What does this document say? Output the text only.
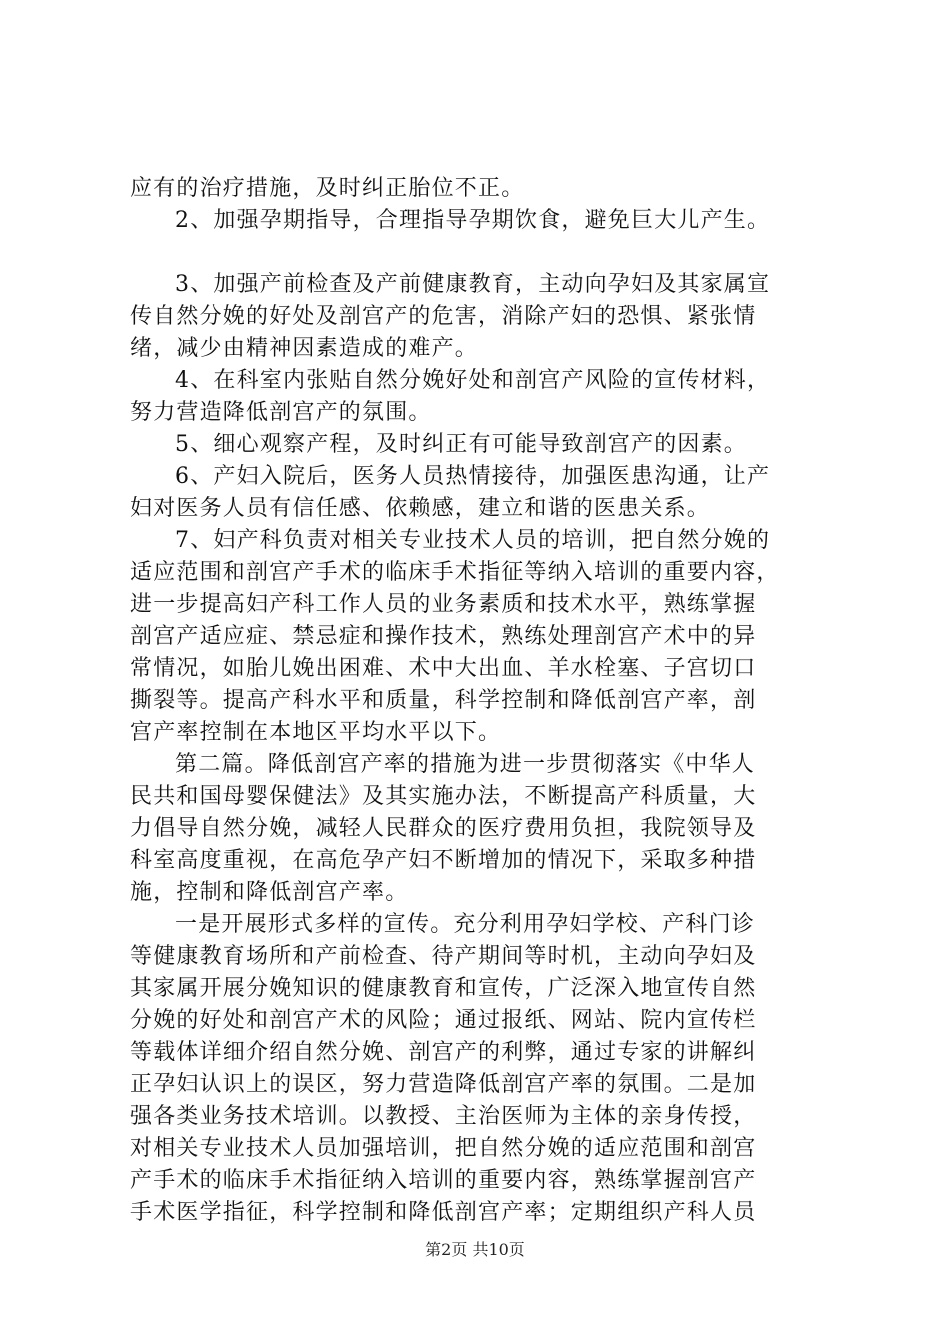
应有的治疗措施，及时纠正胎位不正。
2、加强孕期指导，合理指导孕期饮食，避免巨大儿产生。
3、加强产前检查及产前健康教育，主动向孕妇及其家属宣
传自然分娩的好处及剖宫产的危害，消除产妇的恐惧、紧张情
绪，减少由精神因素造成的难产。
4、在科室内张贴自然分娩好处和剖宫产风险的宣传材料，
努力营造降低剖宫产的氛围。
5、细心观察产程，及时纠正有可能导致剖宫产的因素。
6、产妇入院后，医务人员热情接待，加强医患沟通，让产
妇对医务人员有信任感、依赖感，建立和谐的医患关系。
7、妇产科负责对相关专业技术人员的培训，把自然分娩的
适应范围和剖宫产手术的临床手术指征等纳入培训的重要内容，
进一步提高妇产科工作人员的业务素质和技术水平，熟练掌握
剖宫产适应症、禁忌症和操作技术，熟练处理剖宫产术中的异
常情况，如胎儿娩出困难、术中大出血、羊水栓塞、子宫切口
撕裂等。提高产科水平和质量，科学控制和降低剖宫产率，剖
宫产率控制在本地区平均水平以下。
第二篇。降低剖宫产率的措施为进一步贯彻落实《中华人
民共和国母婴保健法》及其实施办法，不断提高产科质量，大
力倡导自然分娩，减轻人民群众的医疗费用负担，我院领导及
科室高度重视，在高危孕产妇不断增加的情况下，采取多种措
施，控制和降低剖宫产率。
一是开展形式多样的宣传。充分利用孕妇学校、产科门诊
等健康教育场所和产前检查、待产期间等时机，主动向孕妇及
其家属开展分娩知识的健康教育和宣传，广泛深入地宣传自然
分娩的好处和剖宫产术的风险；通过报纸、网站、院内宣传栏
等载体详细介绍自然分娩、剖宫产的利弊，通过专家的讲解纠
正孕妇认识上的误区，努力营造降低剖宫产率的氛围。二是加
强各类业务技术培训。以教授、主治医师为主体的亲身传授，
对相关专业技术人员加强培训，把自然分娩的适应范围和剖宫
产手术的临床手术指征纳入培训的重要内容，熟练掌握剖宫产
手术医学指征，科学控制和降低剖宫产率；定期组织产科人员
第2页 共10页
